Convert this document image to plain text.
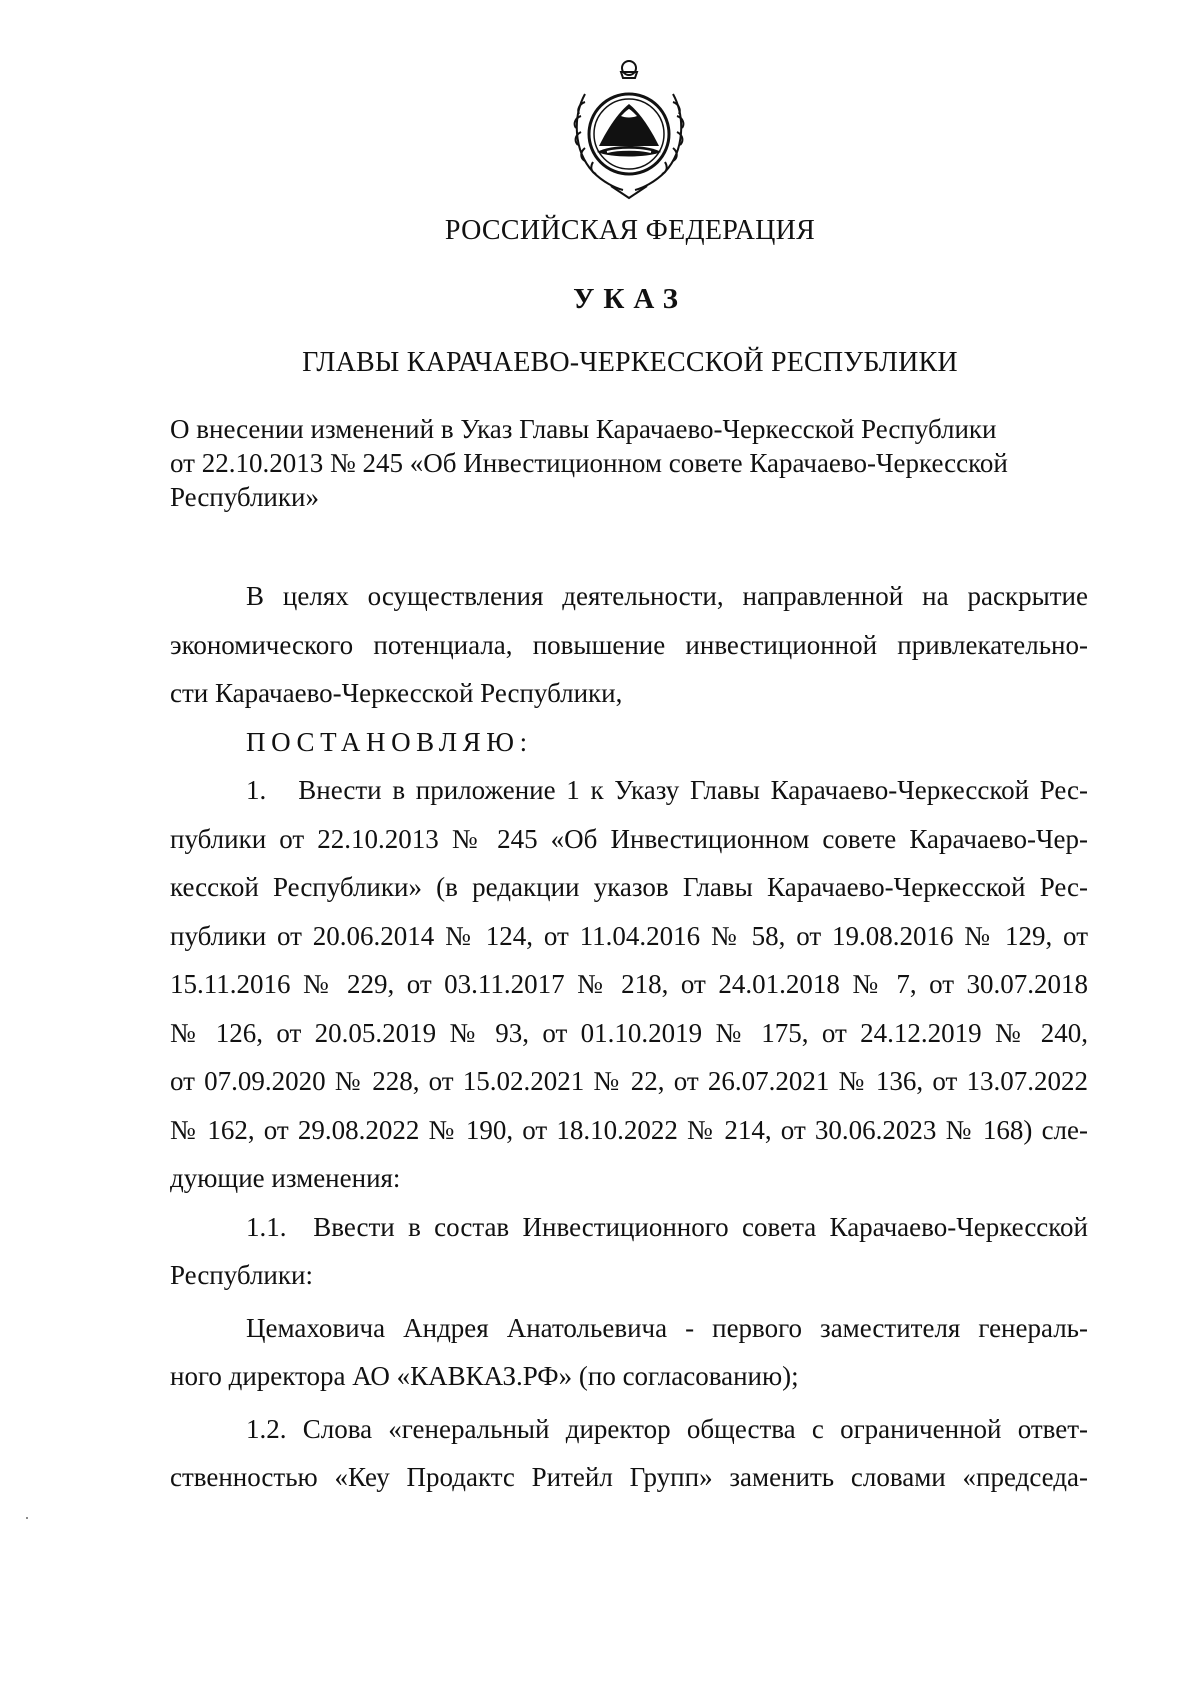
РОССИЙСКАЯ ФЕДЕРАЦИЯ
УКАЗ
ГЛАВЫ КАРАЧАЕВО-ЧЕРКЕССКОЙ РЕСПУБЛИКИ
О внесении изменений в Указ Главы Карачаево-Черкесской Республики
от 22.10.2013 № 245 «Об Инвестиционном совете Карачаево-Черкесской
Республики»
В целях осуществления деятельности, направленной на раскрытие
экономического потенциала, повышение инвестиционной привлекательно-
сти Карачаево-Черкесской Республики,
ПОСТАНОВЛЯЮ:
1.   Внести в приложение 1 к Указу Главы Карачаево-Черкесской Рес-
публики от 22.10.2013 № 245 «Об Инвестиционном совете Карачаево-Чер-
кесской Республики» (в редакции указов Главы Карачаево-Черкесской Рес-
публики от 20.06.2014 № 124, от 11.04.2016 № 58, от 19.08.2016 № 129, от
15.11.2016 № 229, от 03.11.2017 № 218, от 24.01.2018 № 7, от 30.07.2018
№ 126, от 20.05.2019 № 93, от 01.10.2019 № 175, от 24.12.2019 № 240,
от 07.09.2020 № 228, от 15.02.2021 № 22, от 26.07.2021 № 136, от 13.07.2022
№ 162, от 29.08.2022 № 190, от 18.10.2022 № 214, от 30.06.2023 № 168) сле-
дующие изменения:
1.1.  Ввести в состав Инвестиционного совета Карачаево-Черкесской
Республики:
Цемаховича Андрея Анатольевича - первого заместителя генераль-
ного директора АО «КАВКАЗ.РФ» (по согласованию);
1.2. Слова «генеральный директор общества с ограниченной ответ-
ственностью «Кеу Продактс Ритейл Групп» заменить словами «председа-
